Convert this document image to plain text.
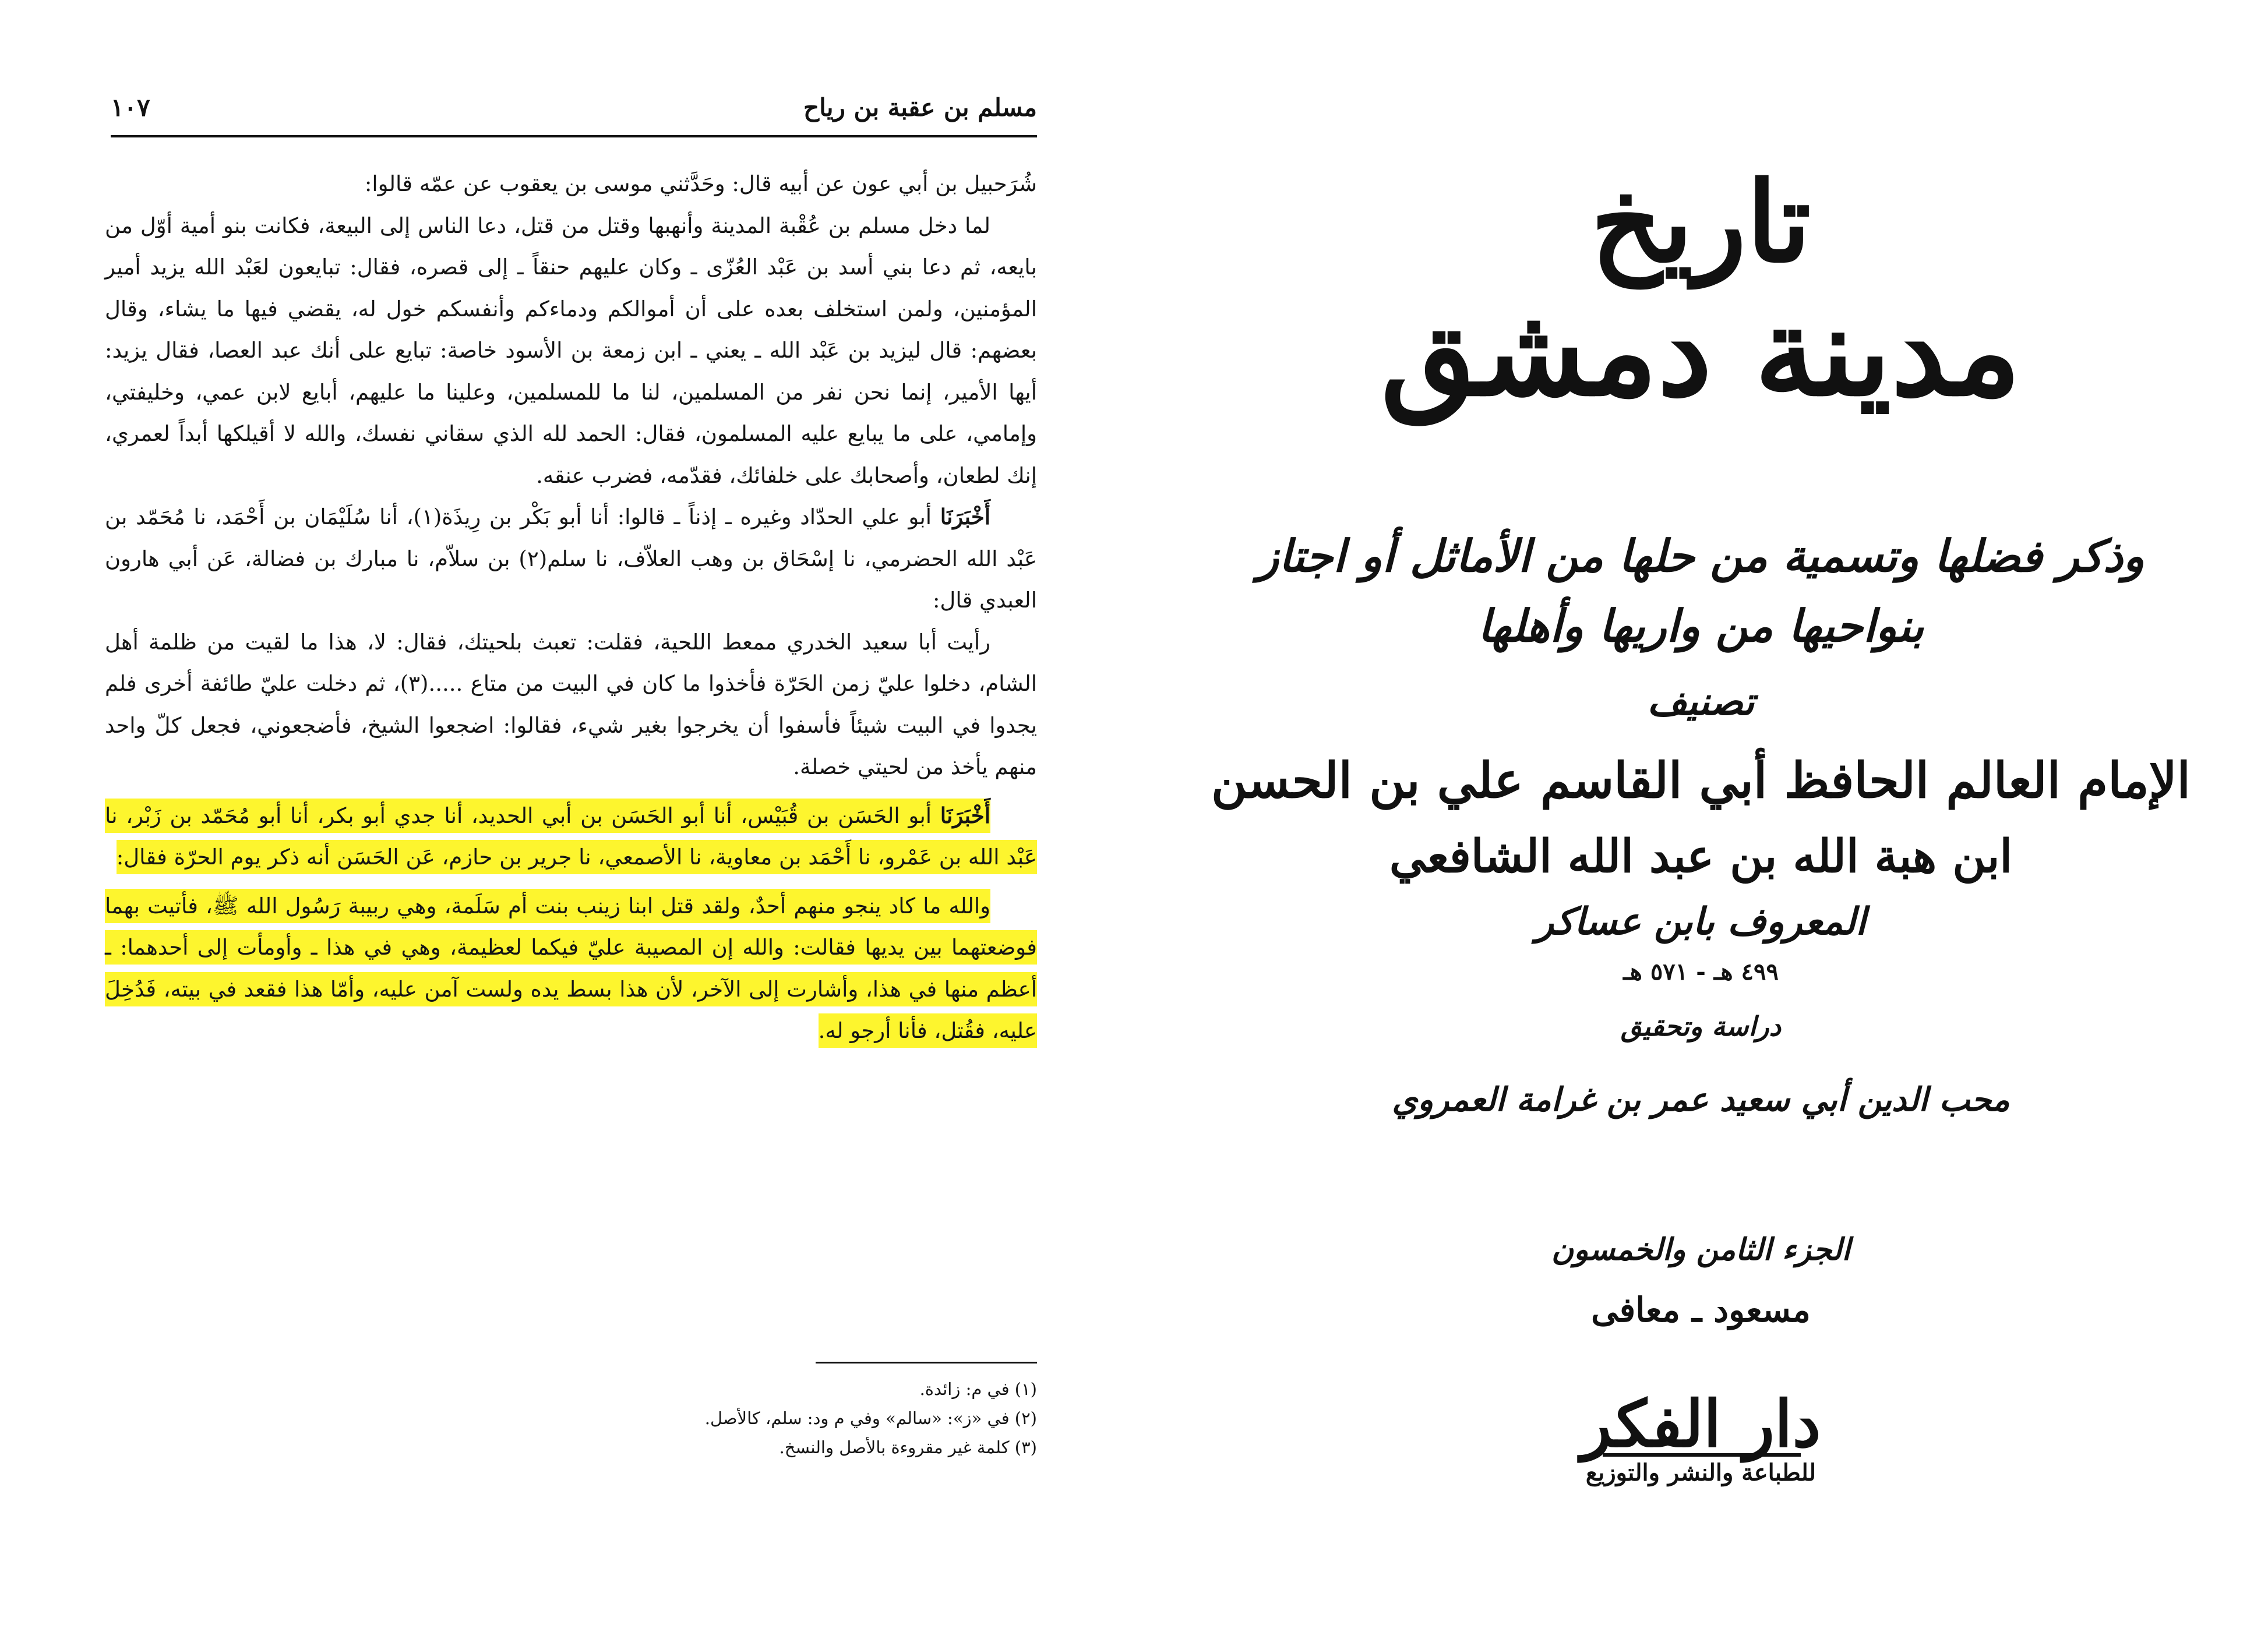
مسلم بن عقبة بن رياح
١٠٧

شُرَحبيل بن أبي عون عن أبيه قال: وحَدَّثني موسى بن يعقوب عن عمّه قالوا:

لما دخل مسلم بن عُقْبة المدينة وأنهبها وقتل من قتل، دعا الناس إلى البيعة، فكانت بنو أمية أوّل من بايعه، ثم دعا بني أسد بن عَبْد العُزّى ـ وكان عليهم حنقاً ـ إلى قصره، فقال: تبايعون لعَبْد الله يزيد أمير المؤمنين، ولمن استخلف بعده على أن أموالكم ودماءكم وأنفسكم خول له، يقضي فيها ما يشاء، وقال بعضهم: قال ليزيد بن عَبْد الله ـ يعني ـ ابن زمعة بن الأسود خاصة: تبايع على أنك عبد العصا، فقال يزيد: أيها الأمير، إنما نحن نفر من المسلمين، لنا ما للمسلمين، وعلينا ما عليهم، أبايع لابن عمي، وخليفتي، وإمامي، على ما يبايع عليه المسلمون، فقال: الحمد لله الذي سقاني نفسك، والله لا أقيلكها أبداً لعمري، إنك لطعان، وأصحابك على خلفائك، فقدّمه، فضرب عنقه.

أَخْبَرَنَا أبو علي الحدّاد وغيره ـ إذناً ـ قالوا: أنا أبو بَكْر بن رِيذَة(١)، أنا سُلَيْمَان بن أَحْمَد، نا مُحَمّد بن عَبْد الله الحضرمي، نا إسْحَاق بن وهب العلاّف، نا سلم(٢) بن سلاّم، نا مبارك بن فضالة، عَن أبي هارون العبدي قال:

رأيت أبا سعيد الخدري ممعط اللحية، فقلت: تعبث بلحيتك، فقال: لا، هذا ما لقيت من ظلمة أهل الشام، دخلوا عليّ زمن الحَرّة فأخذوا ما كان في البيت من متاع .....(٣)، ثم دخلت عليّ طائفة أخرى فلم يجدوا في البيت شيئاً فأسفوا أن يخرجوا بغير شيء، فقالوا: اضجعوا الشيخ، فأضجعوني، فجعل كلّ واحد منهم يأخذ من لحيتي خصلة.

أَخْبَرَنَا أبو الحَسَن بن قُبَيْس، أنا أبو الحَسَن بن أبي الحديد، أنا جدي أبو بكر، أنا أبو مُحَمّد بن زَبْر، نا عَبْد الله بن عَمْرو، نا أَحْمَد بن معاوية، نا الأصمعي، نا جرير بن حازم، عَن الحَسَن أنه ذكر يوم الحرّة فقال:

والله ما كاد ينجو منهم أحدٌ، ولقد قتل ابنا زينب بنت أم سَلَمة، وهي ربيبة رَسُول الله ﷺ، فأتيت بهما فوضعتهما بين يديها فقالت: والله إن المصيبة عليّ فيكما لعظيمة، وهي في هذا ـ وأومأت إلى أحدهما: ـ أعظم منها في هذا، وأشارت إلى الآخر، لأن هذا بسط يده ولست آمن عليه، وأمّا هذا فقعد في بيته، فَدُخِلَ عليه، فقُتل، فأنا أرجو له.

(١) في م: زائدة.
(٢) في «ز»: «سالم» وفي م ود: سلم، كالأصل.
(٣) كلمة غير مقروءة بالأصل والنسخ.
تاريخ
مدينة دمشق
وذكر فضلها وتسمية من حلها من الأماثل أو اجتاز
بنواحيها من واريها وأهلها
تصنيف
الإمام العالم الحافظ أبي القاسم علي بن الحسن
ابن هبة الله بن عبد الله الشافعي
المعروف بابن عساكر
٤٩٩ هـ - ٥٧١ هـ
دراسة وتحقيق
محب الدين أبي سعيد عمر بن غرامة العمروي
الجزء الثامن والخمسون
مسعود ـ معافى
دار الفكر
للطباعة والنشر والتوزيع
